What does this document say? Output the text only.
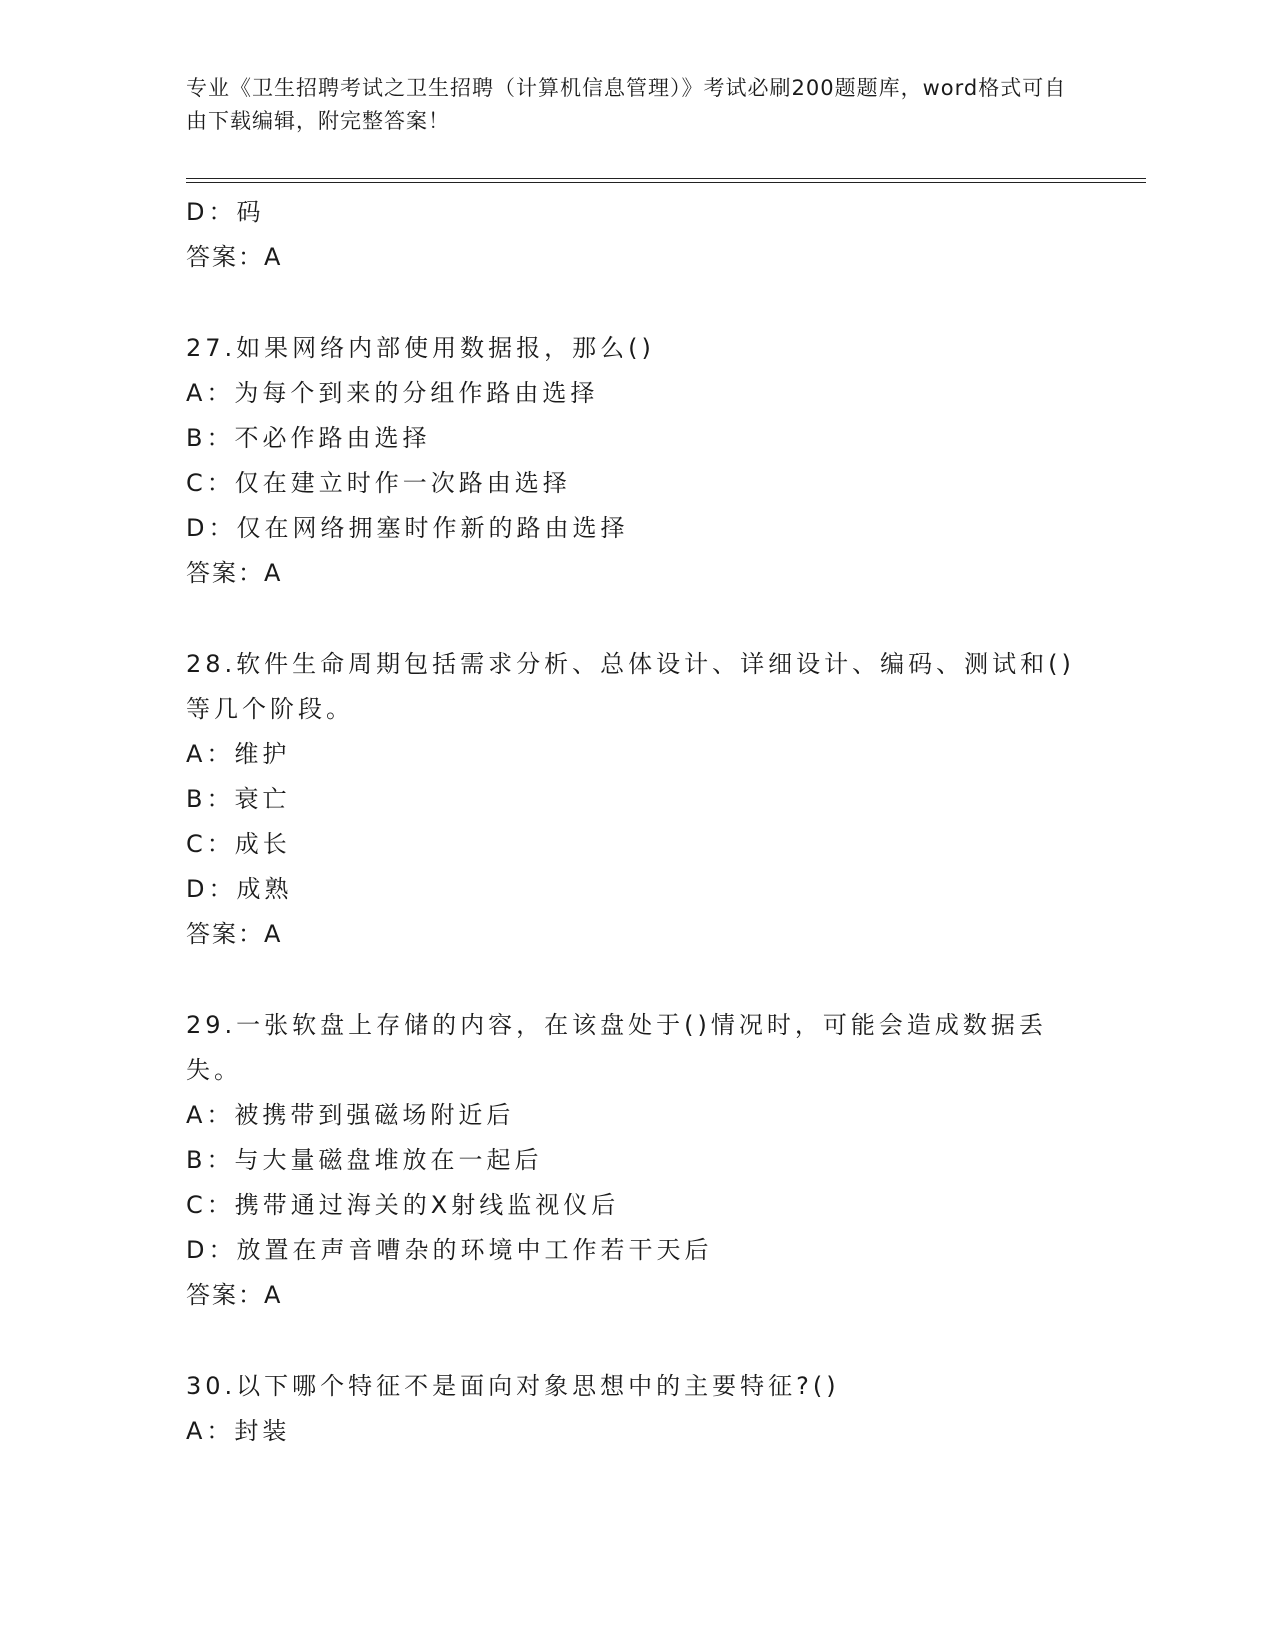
专业《卫生招聘考试之卫生招聘（计算机信息管理）》考试必刷200题题库，word格式可自由下载编辑，附完整答案！
D：码
答案：A
27.如果网络内部使用数据报，那么()
A：为每个到来的分组作路由选择
B：不必作路由选择
C：仅在建立时作一次路由选择
D：仅在网络拥塞时作新的路由选择
答案：A
28.软件生命周期包括需求分析、总体设计、详细设计、编码、测试和()等几个阶段。
A：维护
B：衰亡
C：成长
D：成熟
答案：A
29.一张软盘上存储的内容，在该盘处于()情况时，可能会造成数据丢失。
A：被携带到强磁场附近后
B：与大量磁盘堆放在一起后
C：携带通过海关的X射线监视仪后
D：放置在声音嘈杂的环境中工作若干天后
答案：A
30.以下哪个特征不是面向对象思想中的主要特征?()
A：封装
